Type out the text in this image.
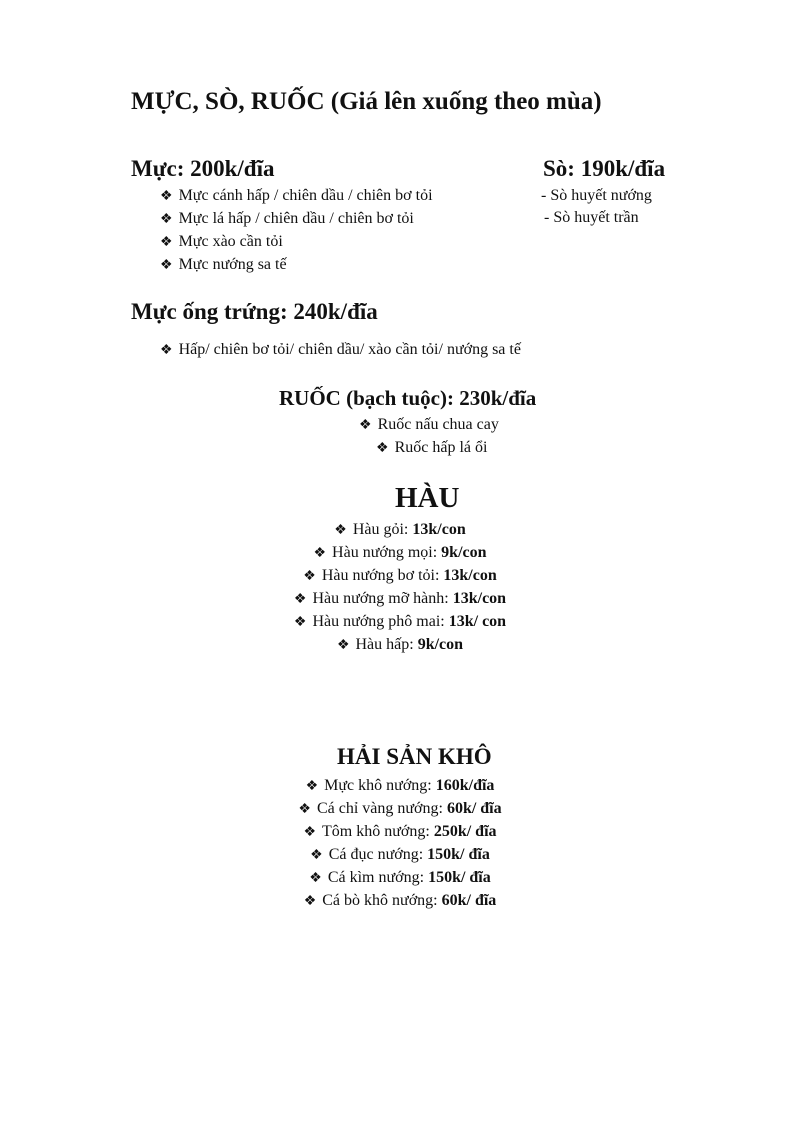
MỰC, SÒ, RUỐC (Giá lên xuống theo mùa)
Mực: 200k/đĩa
❖ Mực cánh hấp / chiên dầu / chiên bơ tỏi
❖ Mực lá hấp / chiên dầu / chiên bơ tỏi
❖ Mực xào cần tỏi
❖ Mực nướng sa tế
Sò: 190k/đĩa
- Sò huyết nướng
- Sò huyết trần
Mực ống trứng: 240k/đĩa
❖ Hấp/ chiên bơ tỏi/ chiên dầu/ xào cần tỏi/ nướng sa tế
RUỐC (bạch tuộc): 230k/đĩa
❖ Ruốc nấu chua cay
❖ Ruốc hấp lá ổi
HÀU
❖ Hàu gỏi: 13k/con
❖ Hàu nướng mọi: 9k/con
❖ Hàu nướng bơ tỏi: 13k/con
❖ Hàu nướng mỡ hành: 13k/con
❖ Hàu nướng phô mai: 13k/ con
❖ Hàu hấp: 9k/con
HẢI SẢN KHÔ
❖ Mực khô nướng: 160k/đĩa
❖ Cá chỉ vàng nướng: 60k/ đĩa
❖ Tôm khô nướng: 250k/ đĩa
❖ Cá đục nướng: 150k/ đĩa
❖ Cá kìm nướng: 150k/ đĩa
❖ Cá bò khô nướng: 60k/ đĩa
